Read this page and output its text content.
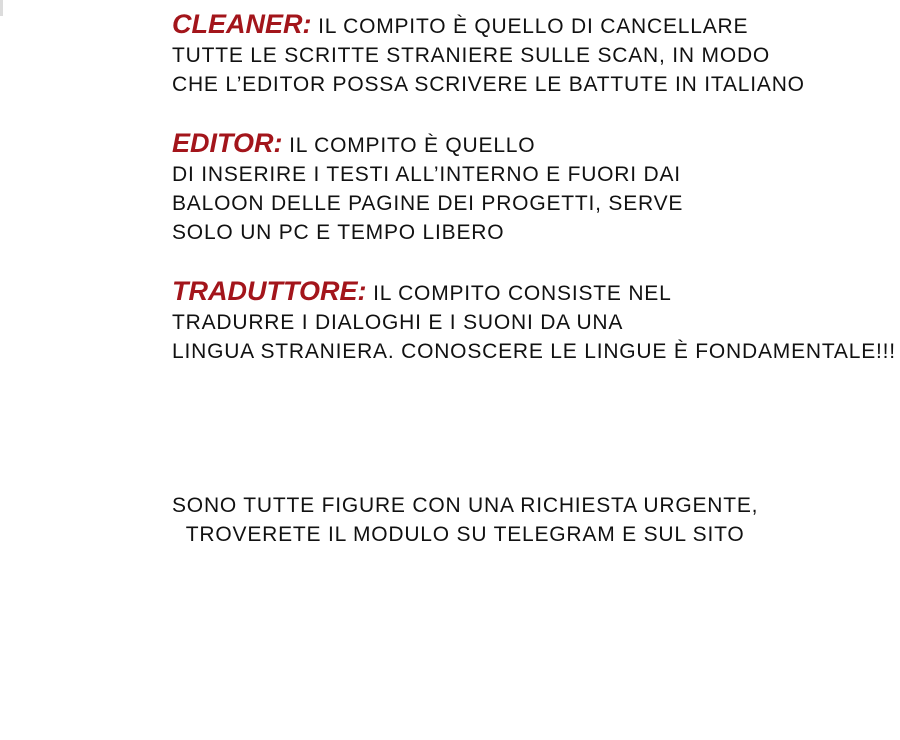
CLEANER: IL COMPITO È QUELLO DI CANCELLARE
TUTTE LE SCRITTE STRANIERE SULLE SCAN, IN MODO
CHE L’EDITOR POSSA SCRIVERE LE BATTUTE IN ITALIANO
EDITOR: IL COMPITO È QUELLO
DI INSERIRE I TESTI ALL’INTERNO E FUORI DAI
BALOON DELLE PAGINE DEI PROGETTI, SERVE
SOLO UN PC E TEMPO LIBERO
TRADUTTORE: IL COMPITO CONSISTE NEL
TRADURRE I DIALOGHI E I SUONI DA UNA
LINGUA STRANIERA. CONOSCERE LE LINGUE È FONDAMENTALE!!!
SONO TUTTE FIGURE CON UNA RICHIESTA URGENTE,
TROVERETE IL MODULO SU TELEGRAM E SUL SITO
